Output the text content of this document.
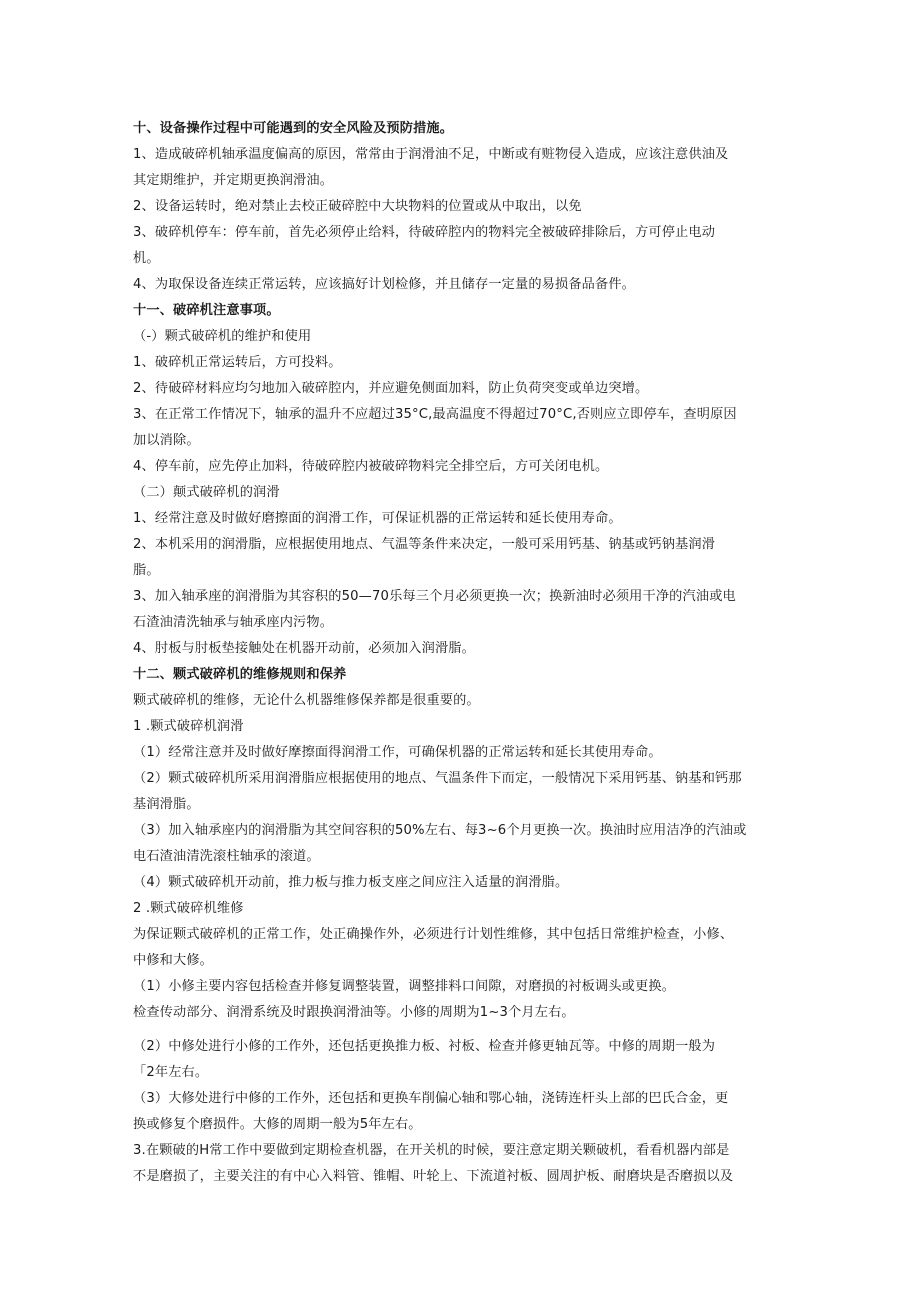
十、设备操作过程中可能遇到的安全风险及预防措施。
1、造成破碎机轴承温度偏高的原因，常常由于润滑油不足，中断或有赃物侵入造成，应该注意供油及
其定期维护，并定期更换润滑油。
2、设备运转时，绝对禁止去校正破碎腔中大块物料的位置或从中取出，以免
3、破碎机停车：停车前，首先必须停止给料，待破碎腔内的物料完全被破碎排除后，方可停止电动
机。
4、为取保设备连续正常运转，应该搞好计划检修，并且储存一定量的易损备品备件。
十一、破碎机注意事项。
（-）颗式破碎机的维护和使用
1、破碎机正常运转后，方可投料。
2、待破碎材料应均匀地加入破碎腔内，并应避免侧面加料，防止负荷突变或单边突增。
3、在正常工作情况下，轴承的温升不应超过35°C,最高温度不得超过70°C,否则应立即停车，查明原因
加以消除。
4、停车前，应先停止加料，待破碎腔内被破碎物料完全排空后，方可关闭电机。
（二）颠式破碎机的润滑
1、经常注意及时做好磨擦面的润滑工作，可保证机器的正常运转和延长使用寿命。
2、本机采用的润滑脂，应根据使用地点、气温等条件来决定，一般可采用钙基、钠基或钙钠基润滑
脂。
3、加入轴承座的润滑脂为其容积的50—70乐每三个月必须更换一次；换新油时必须用干净的汽油或电
石渣油清洗轴承与轴承座内污物。
4、肘板与肘板垫接触处在机器开动前，必须加入润滑脂。
十二、颗式破碎机的维修规则和保养
颗式破碎机的维修，无论什么机器维修保养都是很重要的。
1 .颗式破碎机润滑
（1）经常注意并及时做好摩擦面得润滑工作，可确保机器的正常运转和延长其使用寿命。
（2）颗式破碎机所采用润滑脂应根据使用的地点、气温条件下而定，一般情况下采用钙基、钠基和钙那
基润滑脂。
（3）加入轴承座内的润滑脂为其空间容积的50%左右、每3~6个月更换一次。换油时应用洁净的汽油或
电石渣油清洗滚柱轴承的滚道。
（4）颗式破碎机开动前，推力板与推力板支座之间应注入适量的润滑脂。
2 .颗式破碎机维修
为保证颗式破碎机的正常工作，处正确操作外，必须进行计划性维修，其中包括日常维护检查，小修、
中修和大修。
（1）小修主要内容包括检查并修复调整装置，调整排料口间隙，对磨损的衬板调头或更换。
检查传动部分、润滑系统及时跟换润滑油等。小修的周期为1~3个月左右。
（2）中修处进行小修的工作外，还包括更换推力板、衬板、检查并修更轴瓦等。中修的周期一般为
「2年左右。
（3）大修处进行中修的工作外，还包括和更换车削偏心轴和鄂心轴，浇铸连杆头上部的巴氏合金，更
换或修复个磨损件。大修的周期一般为5年左右。
3.在颗破的H常工作中要做到定期检查机器，在开关机的时候，要注意定期关颗破机，看看机器内部是
不是磨损了，主要关注的有中心入料管、锥帽、叶轮上、下流道衬板、圆周护板、耐磨块是否磨损以及
